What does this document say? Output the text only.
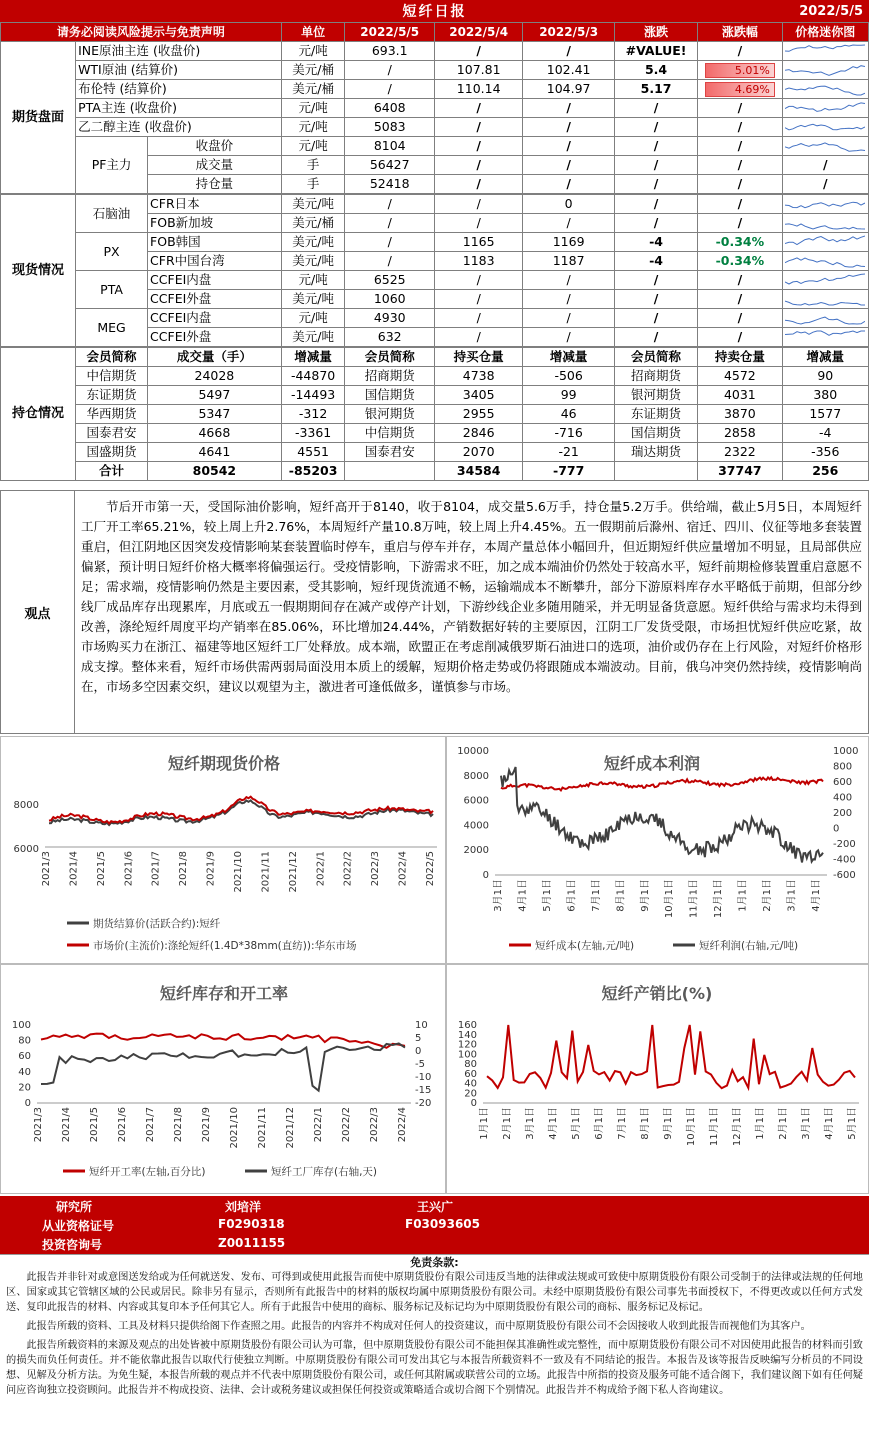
短纤日报	2022/5/5
请务必阅读风险提示与免责声明			单位	2022/5/5	2022/5/4	2022/5/3	涨跌	涨跌幅	价格迷你图
期货盘面	INE原油主连 (收盘价)		元/吨	693.1	/	/	#VALUE!	/	

	WTI原油 (结算价)		美元/桶	/	107.81	102.41	5.4	5.01%	

	布伦特 (结算价)		美元/桶	/	110.14	104.97	5.17	4.69%	

	PTA主连 (收盘价)		元/吨	6408	/	/	/	/	

	乙二醇主连 (收盘价)		元/吨	5083	/	/	/	/	

	PF主力	收盘价	元/吨	8104	/	/	/	/	

		成交量	手	56427	/	/	/	/	/
		持仓量	手	52418	/	/	/	/	/
现货情况	石脑油	CFR日本	美元/吨	/	/	0	/	/	

		FOB新加坡	美元/桶	/	/	/	/	/	

	PX	FOB韩国	美元/吨	/	1165	1169	-4	-0.34%	

		CFR中国台湾	美元/吨	/	1183	1187	-4	-0.34%	

	PTA	CCFEI内盘	元/吨	6525	/	/	/	/	

		CCFEI外盘	美元/吨	1060	/	/	/	/	

	MEG	CCFEI内盘	元/吨	4930	/	/	/	/	

		CCFEI外盘	美元/吨	632	/	/	/	/	

持仓情况	会员简称	成交量（手）	增减量	会员简称	持买仓量	增减量	会员简称	持卖仓量	增减量
	中信期货	24028	-44870	招商期货	4738	-506	招商期货	4572	90
	东证期货	5497	-14493	国信期货	3405	99	银河期货	4031	380
	华西期货	5347	-312	银河期货	2955	46	东证期货	3870	1577
	国泰君安	4668	-3361	中信期货	2846	-716	国信期货	2858	-4
	国盛期货	4641	4551	国泰君安	2070	-21	瑞达期货	2322	-356
	合计	80542	-85203		34584	-777		37747	256
观点
节后开市第一天，受国际油价影响，短纤高开于8140，收于8104，成交量5.6万手，持仓量5.2万手。供给端，截止5月5日，本周短纤工厂开工率65.21%，较上周上升2.76%，本周短纤产量10.8万吨，较上周上升4.45%。五一假期前后滁州、宿迁、四川、仪征等地多套装置重启，但江阴地区因突发疫情影响某套装置临时停车，重启与停车并存，本周产量总体小幅回升，但近期短纤供应量增加不明显，且局部供应偏紧，预计明日短纤价格大概率将偏强运行。受疫情影响，下游需求不旺，加之成本端油价仍然处于较高水平，短纤前期检修装置重启意愿不足；需求端，疫情影响仍然是主要因素，受其影响，短纤现货流通不畅，运输端成本不断攀升，部分下游原料库存水平略低于前期，但部分纱线厂成品库存出现累库，月底或五一假期期间存在减产或停产计划，下游纱线企业多随用随采，并无明显备货意愿。短纤供给与需求均未得到改善，涤纶短纤周度平均产销率在85.06%，环比增加24.44%，产销数据好转的主要原因，江阴工厂发货受限，市场担忧短纤供应吃紧，故市场购买力在浙江、福建等地区短纤工厂处释放。成本端，欧盟正在考虑削减俄罗斯石油进口的选项，油价或仍存在上行风险，对短纤价格形成支撑。整体来看，短纤市场供需两弱局面没用本质上的缓解，短期价格走势或仍将跟随成本端波动。目前，俄乌冲突仍然持续，疫情影响尚在，市场多空因素交织，建议以观望为主，激进者可逢低做多，谨慎参与市场。
短纤期现货价格
8000
6000
2021/3 2021/4 2021/5 2021/6 2021/7 2021/8 2021/9 2021/10 2021/11 2021/12 2022/1 2022/2 2022/3 2022/4 2022/5
期货结算价(活跃合约):短纤
市场价(主流价):涤纶短纤(1.4D*38mm(直纺)):华东市场
短纤成本利润
10000
8000
6000
4000
2000
0
1000
800
600
400
200
0
-200
-400
-600
3月1日 4月1日 5月1日 6月1日 7月1日 8月1日 9月1日 10月1日 11月1日 12月1日 1月1日 2月1日 3月1日 4月1日
短纤成本(左轴,元/吨)	短纤利润(右轴,元/吨)
短纤库存和开工率
100
80
60
40
20
0
10
5
0
-5
-10
-15
-20
2021/3 2021/4 2021/5 2021/6 2021/7 2021/8 2021/9 2021/10 2021/11 2021/12 2022/1 2022/2 2022/3 2022/4
短纤开工率(左轴,百分比)	短纤工厂库存(右轴,天)
短纤产销比(%)
160
140
120
100
80
60
40
20
0
1月1日 2月1日 3月1日 4月1日 5月1日 6月1日 7月1日 8月1日 9月1日 10月1日 11月1日 12月1日 1月1日 2月1日 3月1日 4月1日 5月1日
研究所
从业资格证号
投资咨询号
刘培洋
F0290318
Z0011155
王兴广
F03093605
免责条款:

此报告并非针对或意图送发给或为任何就送发、发布、可得到或使用此报告而使中原期货股份有限公司违反当地的法律或法规或可致使中原期货股份有限公司受制于的法律或法规的任何地区、国家或其它管辖区域的公民或居民。除非另有显示，否则所有此报告中的材料的版权均属中原期货股份有限公司。未经中原期货股份有限公司事先书面授权下，不得更改或以任何方式发送、复印此报告的材料、内容或其复印本予任何其它人。所有于此报告中使用的商标、服务标记及标记均为中原期货股份有限公司的商标、服务标记及标记。

此报告所载的资料、工具及材料只提供给阁下作查照之用。此报告的内容并不构成对任何人的投资建议，而中原期货股份有限公司不会因接收人收到此报告而视他们为其客户。

此报告所载资料的来源及观点的出处皆被中原期货股份有限公司认为可靠，但中原期货股份有限公司不能担保其准确性或完整性，而中原期货股份有限公司不对因使用此报告的材料而引致的损失而负任何责任。并不能依靠此报告以取代行使独立判断。中原期货股份有限公司可发出其它与本报告所载资料不一致及有不同结论的报告。本报告及该等报告反映编写分析员的不同设想、见解及分析方法。为免生疑，本报告所载的观点并不代表中原期货股份有限公司，或任何其附属或联营公司的立场。此报告中所指的投资及服务可能不适合阁下，我们建议阁下如有任何疑问应咨询独立投资顾问。此报告并不构成投资、法律、会计或税务建议或担保任何投资或策略适合或切合阁下个别情况。此报告并不构成给予阁下私人咨询建议。
